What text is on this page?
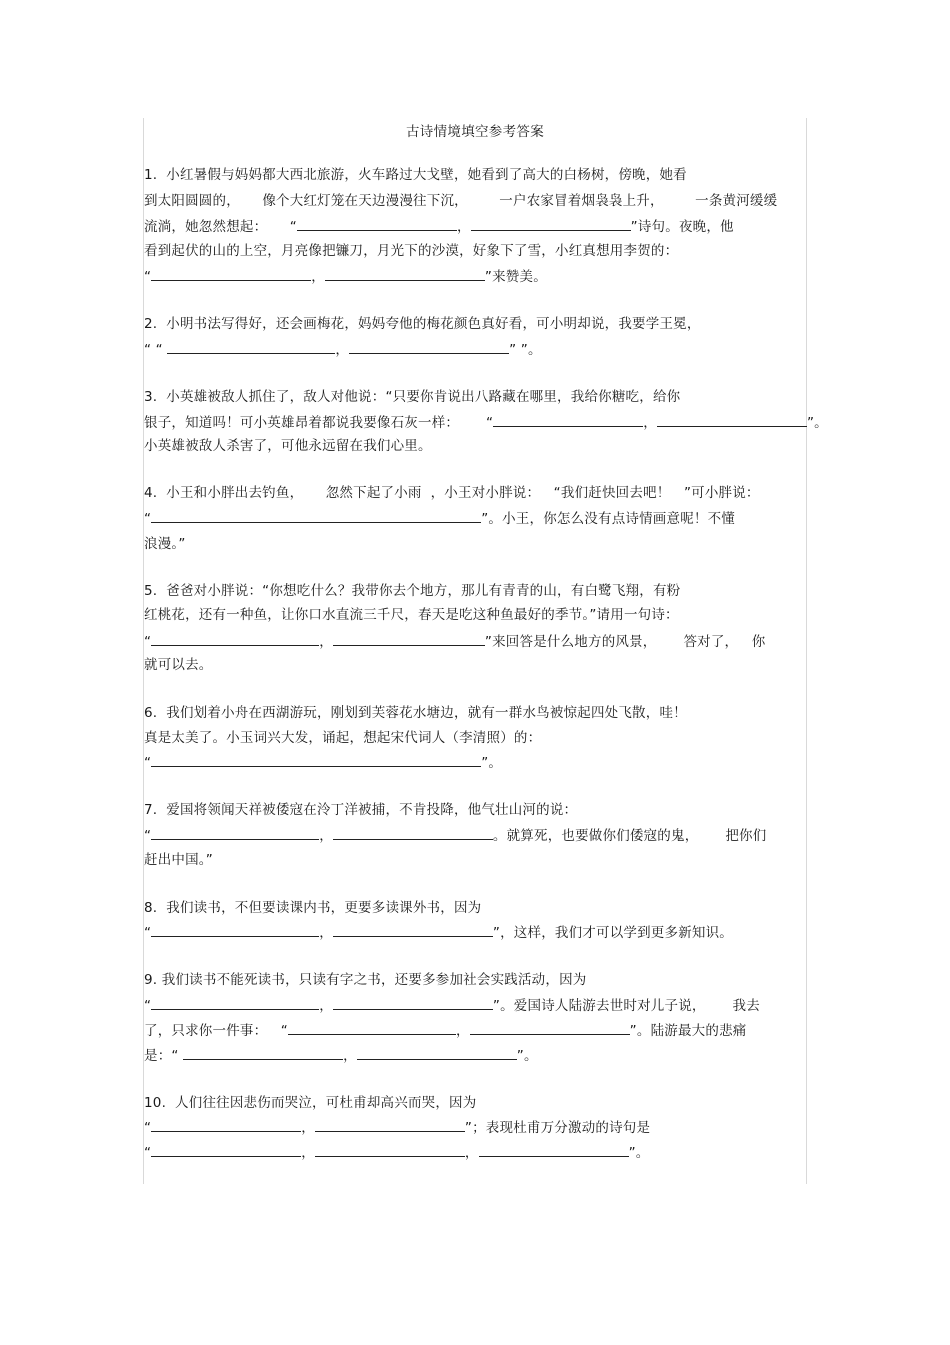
古诗情境填空参考答案
1.  小红暑假与妈妈都大西北旅游，火车路过大戈壁，她看到了高大的白杨树，傍晚，她看
到太阳圆圆的，     像个大红灯笼在天边漫漫往下沉，       一户农家冒着烟袅袅上升，       一条黄河缓缓
流淌，她忽然想起：     “	，	”诗句。夜晚，他
看到起伏的山的上空，月亮像把镰刀，月光下的沙漠，好象下了雪，小红真想用李贺的：
“	，	”来赞美。
2.  小明书法写得好，还会画梅花，妈妈夸他的梅花颜色真好看，可小明却说，我要学王冕，
“ “	，	” ”。
3.  小英雄被敌人抓住了，敌人对他说：“只要你肯说出八路藏在哪里，我给你糖吃，给你
银子，知道吗！可小英雄昂着都说我要像石灰一样：      “	，	”。
小英雄被敌人杀害了，可他永远留在我们心里。
4.  小王和小胖出去钓鱼，     忽然下起了小雨  ，小王对小胖说：   “我们赶快回去吧！   ”可小胖说：
“	”。小王，你怎么没有点诗情画意呢！不懂
浪漫。”
5.  爸爸对小胖说：“你想吃什么？我带你去个地方，那儿有青青的山，有白鹭飞翔，有粉
红桃花，还有一种鱼，让你口水直流三千尺，春天是吃这种鱼最好的季节。”请用一句诗：
“	，	”来回答是什么地方的风景，      答对了，   你
就可以去。
6.  我们划着小舟在西湖游玩，刚划到芙蓉花水塘边，就有一群水鸟被惊起四处飞散，哇！
真是太美了。小玉词兴大发，诵起，想起宋代词人（李清照）的：
“	”。
7.  爱国将领闻天祥被倭寇在泠丁洋被捕，不肯投降，他气壮山河的说：
“	，	。就算死，也要做你们倭寇的鬼，      把你们
赶出中国。”
8.  我们读书，不但要读课内书，更要多读课外书，因为
“	，	”，这样，我们才可以学到更多新知识。
9. 我们读书不能死读书，只读有字之书，还要多参加社会实践活动，因为
“	，	”。爱国诗人陆游去世时对儿子说，      我去
了，只求你一件事：   “	，	”。陆游最大的悲痛
是：“	，	”。
10.  人们往往因悲伤而哭泣，可杜甫却高兴而哭，因为
“	，	”；表现杜甫万分激动的诗句是
“	，	，	”。
